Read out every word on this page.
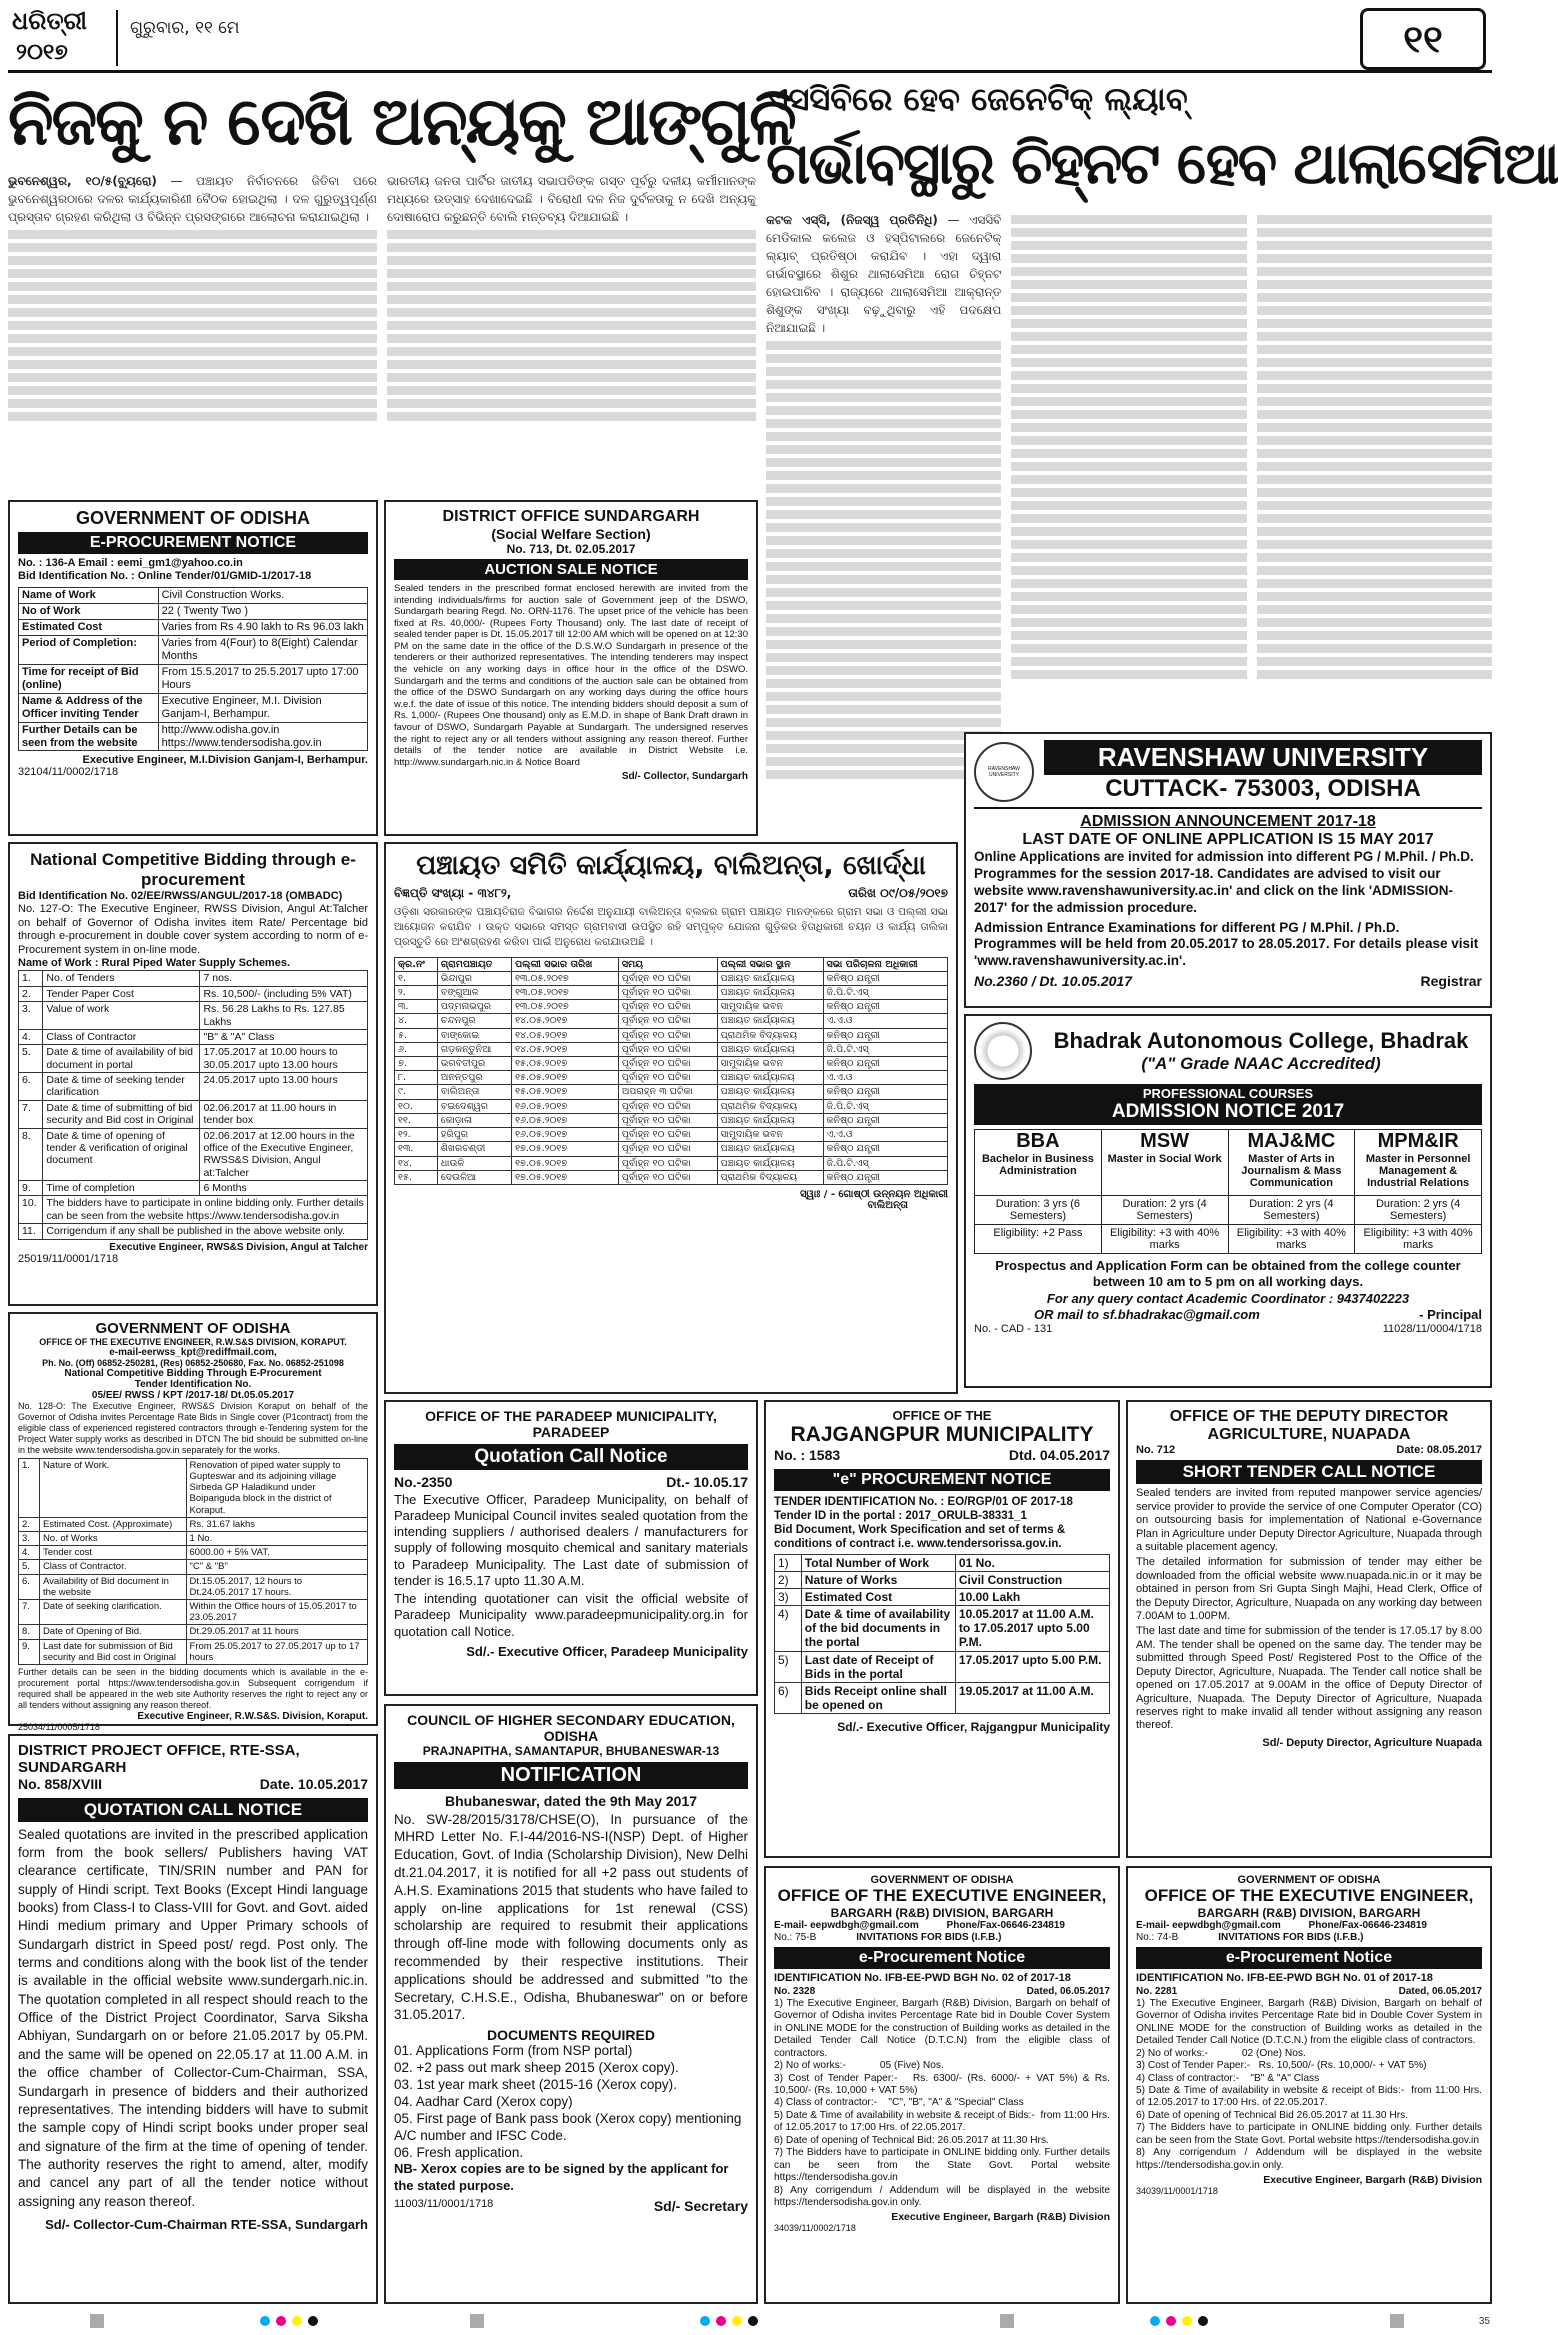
ଧରିତ୍ରୀ
୨୦୧୭
ଗୁରୁବାର, ୧୧ ମେ	୧୧
ନିଜକୁ ନ ଦେଖି ଅନ୍ୟକୁ ଆଙ୍ଗୁଳି
ଭୁବନେଶ୍ୱର, ୧୦/୫(ବ୍ୟୁରୋ) — ପଞ୍ଚାୟତ ନିର୍ବାଚନରେ ଜିତିବା ପରେ ଭୁବନେଶ୍ୱରଠାରେ ଦଳର କାର୍ଯ୍ୟକାରିଣୀ ବୈଠକ ହୋଇଥିଲା । ଦଳ ଗୁରୁତ୍ୱପୂର୍ଣ୍ଣ ପ୍ରସ୍ତାବ ଗ୍ରହଣ କରିଥିଲା ଓ ବିଭିନ୍ନ ପ୍ରସଙ୍ଗରେ ଆଲୋଚନା କରାଯାଇଥିଲା ।
ଭାରତୀୟ ଜନତା ପାର୍ଟିର ଜାତୀୟ ସଭାପତିଙ୍କ ଗସ୍ତ ପୂର୍ବରୁ ଦଳୀୟ କର୍ମୀମାନଙ୍କ ମଧ୍ୟରେ ଉତ୍ସାହ ଦେଖାଦେଇଛି । ବିରୋଧୀ ଦଳ ନିଜ ଦୁର୍ବଳତାକୁ ନ ଦେଖି ଅନ୍ୟକୁ ଦୋଷାରୋପ କରୁଛନ୍ତି ବୋଲି ମନ୍ତବ୍ୟ ଦିଆଯାଇଛି ।
ଏସସିବିରେ ହେବ ଜେନେଟିକ୍ ଲ୍ୟାବ୍
ଗର୍ଭାବସ୍ଥାରୁ ଚିହ୍ନଟ ହେବ ଥାଲାସେମିଆ
କଟକ ଏସ୍‌ସି, (ନିଜସ୍ୱ ପ୍ରତିନିଧି) — ଏସସିବି ମେଡିକାଲ କଲେଜ ଓ ହସ୍ପିଟାଲରେ ଜେନେଟିକ୍ ଲ୍ୟାବ୍ ପ୍ରତିଷ୍ଠା କରାଯିବ । ଏହା ଦ୍ୱାରା ଗର୍ଭାବସ୍ଥାରେ ଶିଶୁର ଥାଲାସେମିଆ ରୋଗ ଚିହ୍ନଟ ହୋଇପାରିବ । ରାଜ୍ୟରେ ଥାଲାସେମିଆ ଆକ୍ରାନ୍ତ ଶିଶୁଙ୍କ ସଂଖ୍ୟା ବଢ଼ୁଥିବାରୁ ଏହି ପଦକ୍ଷେପ ନିଆଯାଇଛି ।
GOVERNMENT OF ODISHA
E-PROCUREMENT NOTICE
No. : 136-A Email : eemi_gm1@yahoo.co.in
Bid Identification No. : Online Tender/01/GMID-1/2017-18
Name of Work	Civil Construction Works.
No of Work	22 ( Twenty Two )
Estimated Cost	Varies from Rs 4.90 lakh to Rs 96.03 lakh
Period of Completion:	Varies from 4(Four) to 8(Eight) Calendar Months
Time for receipt of Bid (online)	From 15.5.2017 to 25.5.2017 upto 17:00 Hours
Name & Address of the Officer inviting Tender	Executive Engineer, M.I. Division Ganjam-I, Berhampur.
Further Details can be seen from the website	http://www.odisha.gov.in
https://www.tendersodisha.gov.in
Executive Engineer, M.I.Division Ganjam-I, Berhampur.
32104/11/0002/1718
DISTRICT OFFICE SUNDARGARH
(Social Welfare Section)
No. 713, Dt. 02.05.2017
AUCTION SALE NOTICE
Sealed tenders in the prescribed format enclosed herewith are invited from the intending individuals/firms for auction sale of Government jeep of the DSWO, Sundargarh bearing Regd. No. ORN-1176. The upset price of the vehicle has been fixed at Rs. 40,000/- (Rupees Forty Thousand) only. The last date of receipt of sealed tender paper is Dt. 15.05.2017 till 12:00 AM which will be opened on at 12:30 PM on the same date in the office of the D.S.W.O Sundargarh in presence of the tenderers or their authorized representatives. The intending tenderers may inspect the vehicle on any working days in office hour in the office of the DSWO. Sundargarh and the terms and conditions of the auction sale can be obtained from the office of the DSWO Sundargarh on any working days during the office hours w.e.f. the date of issue of this notice. The intending bidders should deposit a sum of Rs. 1,000/- (Rupees One thousand) only as E.M.D. in shape of Bank Draft drawn in favour of DSWO, Sundargarh Payable at Sundargarh. The undersigned reserves the right to reject any or all tenders without assigning any reason thereof. Further details of the tender notice are available in District Website i.e. http://www.sundargarh.nic.in & Notice Board
Sd/- Collector, Sundargarh
National Competitive Bidding through e-procurement
Bid Identification No. 02/EE/RWSS/ANGUL/2017-18 (OMBADC)
No. 127-O: The Executive Engineer, RWSS Division, Angul At:Talcher on behalf of Governor of Odisha invites item Rate/ Percentage bid through e-procurement in double cover system according to norm of e-Procurement system in on-line mode.
Name of Work : Rural Piped Water Supply Schemes.
1.	No. of Tenders	7 nos.
2.	Tender Paper Cost	Rs. 10,500/- (including 5% VAT)
3.	Value of work	Rs. 56.28 Lakhs to Rs. 127.85 Lakhs
4.	Class of Contractor	"B" & "A" Class
5.	Date & time of availability of bid document in portal	17.05.2017 at 10.00 hours to 30.05.2017 upto 13.00 hours
6.	Date & time of seeking tender clarification	24.05.2017 upto 13.00 hours
7.	Date & time of submitting of bid security and Bid cost in Original	02.06.2017 at 11.00 hours in tender box
8.	Date & time of opening of tender & verification of original document	02.06.2017 at 12.00 hours in the office of the Executive Engineer, RWSS&S Division, Angul at:Talcher
9.	Time of completion	6 Months
10.	The bidders have to participate in online bidding only. Further details can be seen from the website https://www.tendersodisha.gov.in	
11.	Corrigendum if any shall be published in the above website only.	
Executive Engineer, RWS&S Division, Angul at Talcher
25019/11/0001/1718
ପଞ୍ଚାୟତ ସମିତି କାର୍ଯ୍ୟାଳୟ, ବାଲିଅନ୍ତା, ଖୋର୍ଦ୍ଧା
ବିଜ୍ଞପ୍ତି ସଂଖ୍ୟା - ୩୪୮୨,	ତାରିଖ ୦୯/୦୫/୨୦୧୭
ଓଡ଼ିଶା ସରକାରଙ୍କ ପଞ୍ଚାୟତିରାଜ ବିଭାଗର ନିର୍ଦ୍ଦେଶ ଅନୁଯାୟୀ ବାଲିଅନ୍ତା ବ୍ଲକର ଗ୍ରାମ ପଞ୍ଚାୟତ ମାନଙ୍କରେ ଗ୍ରାମ ସଭା ଓ ପଲ୍ଲୀ ସଭା ଆୟୋଜନ କରାଯିବ । ଉକ୍ତ ସଭାରେ ସମସ୍ତ ଗ୍ରାମବାସୀ ଉପସ୍ଥିତ ରହି ସମ୍ପୃକ୍ତ ଯୋଜନା ଗୁଡ଼ିକର ହିତାଧିକାରୀ ଚୟନ ଓ କାର୍ଯ୍ୟ ତାଲିକା ପ୍ରସ୍ତୁତି ରେ ଅଂଶଗ୍ରହଣ କରିବା ପାଇଁ ଅନୁରୋଧ କରାଯାଉଅଛି ।
କ୍ର.ନଂ	ଗ୍ରାମପଞ୍ଚାୟତ	ପଲ୍ଲୀ ସଭାର ତାରିଖ	ସମୟ	ପଲ୍ଲୀ ସଭାର ସ୍ଥାନ	ସଭା ପରିଚାଳନା ଅଧିକାରୀ
୧.	ଭିନ୍ଦାପୁର	୧୩.୦୫.୨୦୧୭	ପୂର୍ବାହ୍ନ ୧୦ ଘଟିକା	ପଞ୍ଚାୟତ କାର୍ଯ୍ୟାଳୟ	କନିଷ୍ଠ ଯନ୍ତ୍ରୀ
୨.	ବଙ୍ଗୁଆଳ	୧୩.୦୫.୨୦୧୭	ପୂର୍ବାହ୍ନ ୧୦ ଘଟିକା	ପଞ୍ଚାୟତ କାର୍ଯ୍ୟାଳୟ	ଜି.ପି.ଟି.ଏସ୍
୩.	ପଦ୍ମନାଭପୁର	୧୩.୦୫.୨୦୧୭	ପୂର୍ବାହ୍ନ ୧୦ ଘଟିକା	ସାମୁଦାୟିକ ଭବନ	କନିଷ୍ଠ ଯନ୍ତ୍ରୀ
୪.	ଚନ୍ଦନପୁର	୧୪.୦୫.୨୦୧୭	ପୂର୍ବାହ୍ନ ୧୦ ଘଟିକା	ପଞ୍ଚାୟତ କାର୍ଯ୍ୟାଳୟ	ଏ.ଏ.ଓ
୫.	ବାଙ୍କୋଇ	୧୪.୦୫.୨୦୧୭	ପୂର୍ବାହ୍ନ ୧୦ ଘଟିକା	ପ୍ରାଥମିକ ବିଦ୍ୟାଳୟ	କନିଷ୍ଠ ଯନ୍ତ୍ରୀ
୬.	ଗଡ଼କନ୍ତୁନିଆ	୧୪.୦୫.୨୦୧୭	ପୂର୍ବାହ୍ନ ୧୦ ଘଟିକା	ପଞ୍ଚାୟତ କାର୍ଯ୍ୟାଳୟ	ଜି.ପି.ଟି.ଏସ୍
୭.	ଭଗବତୀପୁର	୧୫.୦୫.୨୦୧୭	ପୂର୍ବାହ୍ନ ୧୦ ଘଟିକା	ସାମୁଦାୟିକ ଭବନ	କନିଷ୍ଠ ଯନ୍ତ୍ରୀ
୮.	ଅନନ୍ତପୁର	୧୫.୦୫.୨୦୧୭	ପୂର୍ବାହ୍ନ ୧୦ ଘଟିକା	ପଞ୍ଚାୟତ କାର୍ଯ୍ୟାଳୟ	ଏ.ଏ.ଓ
୯.	ବାଲିଅନ୍ତା	୧୫.୦୫.୨୦୧୭	ଅପରାହ୍ନ ୩ ଘଟିକା	ପଞ୍ଚାୟତ କାର୍ଯ୍ୟାଳୟ	କନିଷ୍ଠ ଯନ୍ତ୍ରୀ
୧୦.	ବଇଦେଶ୍ୱର	୧୬.୦୫.୨୦୧୭	ପୂର୍ବାହ୍ନ ୧୦ ଘଟିକା	ପ୍ରାଥମିକ ବିଦ୍ୟାଳୟ	ଜି.ପି.ଟି.ଏସ୍
୧୧.	କୋଡ଼ାଳା	୧୬.୦୫.୨୦୧୭	ପୂର୍ବାହ୍ନ ୧୦ ଘଟିକା	ପଞ୍ଚାୟତ କାର୍ଯ୍ୟାଳୟ	କନିଷ୍ଠ ଯନ୍ତ୍ରୀ
୧୨.	ହରିପୁର	୧୬.୦୫.୨୦୧୭	ପୂର୍ବାହ୍ନ ୧୦ ଘଟିକା	ସାମୁଦାୟିକ ଭବନ	ଏ.ଏ.ଓ
୧୩.	ଶିଖରଚଣ୍ଡୀ	୧୭.୦୫.୨୦୧୭	ପୂର୍ବାହ୍ନ ୧୦ ଘଟିକା	ପଞ୍ଚାୟତ କାର୍ଯ୍ୟାଳୟ	କନିଷ୍ଠ ଯନ୍ତ୍ରୀ
୧୪.	ଧାଉଳି	୧୭.୦୫.୨୦୧୭	ପୂର୍ବାହ୍ନ ୧୦ ଘଟିକା	ପଞ୍ଚାୟତ କାର୍ଯ୍ୟାଳୟ	ଜି.ପି.ଟି.ଏସ୍
୧୫.	ଦେଉଳିଆ	୧୭.୦୫.୨୦୧୭	ପୂର୍ବାହ୍ନ ୧୦ ଘଟିକା	ପ୍ରାଥମିକ ବିଦ୍ୟାଳୟ	କନିଷ୍ଠ ଯନ୍ତ୍ରୀ
ସ୍ୱାଃ / - ଗୋଷ୍ଠୀ ଉନ୍ନୟନ ଅଧିକାରୀ
ବାଲିଅନ୍ତା
RAVENSHAW UNIVERSITY
RAVENSHAW UNIVERSITY
CUTTACK- 753003, ODISHA
ADMISSION ANNOUNCEMENT 2017-18
LAST DATE OF ONLINE APPLICATION IS 15 MAY 2017
Online Applications are invited for admission into different PG / M.Phil. / Ph.D. Programmes for the session 2017-18. Candidates are advised to visit our website www.ravenshawuniversity.ac.in' and click on the link 'ADMISSION-2017' for the admission procedure.
Admission Entrance Examinations for different PG / M.Phil. / Ph.D. Programmes will be held from 20.05.2017 to 28.05.2017. For details please visit 'www.ravenshawuniversity.ac.in'.
No.2360 / Dt. 10.05.2017	Registrar
Bhadrak Autonomous College, Bhadrak
("A" Grade NAAC Accredited)
PROFESSIONAL COURSES
ADMISSION NOTICE 2017
BBA
Bachelor in Business Administration
Duration: 3 yrs (6 Semesters)
Eligibility: +2 Pass
MSW
Master in Social Work
Duration: 2 yrs (4 Semesters)
Eligibility: +3 with 40% marks
MAJ&MC
Master of Arts in Journalism & Mass Communication
Duration: 2 yrs (4 Semesters)
Eligibility: +3 with 40% marks
MPM&IR
Master in Personnel Management & Industrial Relations
Duration: 2 yrs (4 Semesters)
Eligibility: +3 with 40% marks
Prospectus and Application Form can be obtained from the college counter between 10 am to 5 pm on all working days.
For any query contact Academic Coordinator : 9437402223
OR mail to sf.bhadrakac@gmail.com	- Principal
No. - CAD - 131	11028/11/0004/1718
GOVERNMENT OF ODISHA
OFFICE OF THE EXECUTIVE ENGINEER, R.W.S&S DIVISION, KORAPUT.
e-mail-eerwss_kpt@rediffmail.com,
Ph. No. (Off) 06852-250281, (Res) 06852-250680, Fax. No. 06852-251098
National Competitive Bidding Through E-Procurement
Tender Identification No.
05/EE/ RWSS / KPT /2017-18/ Dt.05.05.2017
No. 128-O: The Executive Engineer, RWS&S Division Koraput on behalf of the Governor of Odisha invites Percentage Rate Bids in Single cover (P1contract) from the eligible class of experienced registered contractors through e-Tendering system for the Project Water supply works as described in DTCN The bid should be submitted on-line in the website www.tendersodisha.gov.in separately for the works.
1.	Nature of Work.	Renovation of piped water supply to Gupteswar and its adjoining village Sirbeda GP Haladikund under Boipariguda block in the district of Koraput.
2.	Estimated Cost. (Approximate)	Rs. 31.67 lakhs
3.	No. of Works	1 No.
4.	Tender cost	6000.00 + 5% VAT.
5.	Class of Contractor.	"C" & "B"
6.	Availability of Bid document in the website	Dt.15.05.2017, 12 hours to Dt.24.05.2017 17 hours.
7.	Date of seeking clarification.	Within the Office hours of 15.05.2017 to 23.05.2017
8.	Date of Opening of Bid.	Dt.29.05.2017 at 11 hours
9.	Last date for submission of Bid security and Bid cost in Original	From 25.05.2017 to 27.05.2017 up to 17 hours
Further details can be seen in the bidding documents which is available in the e-procurement portal https://www.tendersodisha.gov.in Subsequent corrigendum if required shall be appeared in the web site Authority reserves the right to reject any or all tenders without assigning any reason thereof.
Executive Engineer, R.W.S&S. Division, Koraput.
25034/11/0005/1718
DISTRICT PROJECT OFFICE, RTE-SSA, SUNDARGARH
No. 858/XVIII	Date. 10.05.2017
QUOTATION CALL NOTICE
Sealed quotations are invited in the prescribed application form from the book sellers/ Publishers having VAT clearance certificate, TIN/SRIN number and PAN for supply of Hindi script. Text Books (Except Hindi language books) from Class-I to Class-VIII for Govt. and Govt. aided Hindi medium primary and Upper Primary schools of Sundargarh district in Speed post/ regd. Post only. The terms and conditions along with the book list of the tender is available in the official website www.sundergarh.nic.in. The quotation completed in all respect should reach to the Office of the District Project Coordinator, Sarva Siksha Abhiyan, Sundargarh on or before 21.05.2017 by 05.PM. and the same will be opened on 22.05.17 at 11.00 A.M. in the office chamber of Collector-Cum-Chairman, SSA, Sundargarh in presence of bidders and their authorized representatives. The intending bidders will have to submit the sample copy of Hindi script books under proper seal and signature of the firm at the time of opening of tender. The authority reserves the right to amend, alter, modify and cancel any part of all the tender notice without assigning any reason thereof.
Sd/- Collector-Cum-Chairman RTE-SSA, Sundargarh
OFFICE OF THE PARADEEP MUNICIPALITY, PARADEEP
Quotation Call Notice
No.-2350	Dt.- 10.05.17
The Executive Officer, Paradeep Municipality, on behalf of Paradeep Municipal Council invites sealed quotation from the intending suppliers / authorised dealers / manufacturers for supply of following mosquito chemical and sanitary materials to Paradeep Municipality. The Last date of submission of tender is 16.5.17 upto 11.30 A.M.
The intending quotationer can visit the official website of Paradeep Municipality www.paradeepmunicipality.org.in for quotation call Notice.
Sd/.- Executive Officer, Paradeep Municipality
COUNCIL OF HIGHER SECONDARY EDUCATION, ODISHA
PRAJNAPITHA, SAMANTAPUR, BHUBANESWAR-13
NOTIFICATION
Bhubaneswar, dated the 9th May 2017
No. SW-28/2015/3178/CHSE(O), In pursuance of the MHRD Letter No. F.I-44/2016-NS-I(NSP) Dept. of Higher Education, Govt. of India (Scholarship Division), New Delhi dt.21.04.2017, it is notified for all +2 pass out students of A.H.S. Examinations 2015 that students who have failed to apply on-line applications for 1st renewal (CSS) scholarship are required to resubmit their applications through off-line mode with following documents only as recommended by their respective institutions. Their applications should be addressed and submitted "to the Secretary, C.H.S.E., Odisha, Bhubaneswar" on or before 31.05.2017.
DOCUMENTS REQUIRED
01. Applications Form (from NSP portal)
02. +2 pass out mark sheep 2015 (Xerox copy).
03. 1st year mark sheet (2015-16 (Xerox copy).
04. Aadhar Card (Xerox copy)
05. First page of Bank pass book (Xerox copy) mentioning A/C number and IFSC Code.
06. Fresh application.
NB- Xerox copies are to be signed by the applicant for the stated purpose.
11003/11/0001/1718	Sd/- Secretary
OFFICE OF THE
RAJGANGPUR MUNICIPALITY
No. : 1583	Dtd. 04.05.2017
"e" PROCUREMENT NOTICE
TENDER IDENTIFICATION No. : EO/RGP/01 OF 2017-18
Tender ID in the portal : 2017_ORULB-38331_1
Bid Document, Work Specification and set of terms & conditions of contract i.e. www.tendersorissa.gov.in.
1)	Total Number of Work	01 No.
2)	Nature of Works	Civil Construction
3)	Estimated Cost	10.00 Lakh
4)	Date & time of availability of the bid documents in the portal	10.05.2017 at 11.00 A.M. to 17.05.2017 upto 5.00 P.M.
5)	Last date of Receipt of Bids in the portal	17.05.2017 upto 5.00 P.M.
6)	Bids Receipt online shall be opened on	19.05.2017 at 11.00 A.M.
Sd/.- Executive Officer, Rajgangpur Municipality
OFFICE OF THE DEPUTY DIRECTOR AGRICULTURE, NUAPADA
No. 712	Date: 08.05.2017
SHORT TENDER CALL NOTICE
Sealed tenders are invited from reputed manpower service agencies/ service provider to provide the service of one Computer Operator (CO) on outsourcing basis for implementation of National e-Governance Plan in Agriculture under Deputy Director Agriculture, Nuapada through a suitable placement agency.
The detailed information for submission of tender may either be downloaded from the official website www.nuapada.nic.in or it may be obtained in person from Sri Gupta Singh Majhi, Head Clerk, Office of the Deputy Director, Agriculture, Nuapada on any working day between 7.00AM to 1.00PM.
The last date and time for submission of the tender is 17.05.17 by 8.00 AM. The tender shall be opened on the same day. The tender may be submitted through Speed Post/ Registered Post to the Office of the Deputy Director, Agriculture, Nuapada. The Tender call notice shall be opened on 17.05.2017 at 9.00AM in the office of Deputy Director of Agriculture, Nuapada. The Deputy Director of Agriculture, Nuapada reserves right to make invalid all tender without assigning any reason thereof.
Sd/- Deputy Director, Agriculture Nuapada
GOVERNMENT OF ODISHA
OFFICE OF THE EXECUTIVE ENGINEER,
BARGARH (R&B) DIVISION, BARGARH
E-mail- eepwdbgh@gmail.com          Phone/Fax-06646-234819
No.: 75-B	INVITATIONS FOR BIDS (I.F.B.)
e-Procurement Notice
IDENTIFICATION No. IFB-EE-PWD BGH No. 02 of 2017-18
No. 2328	Dated, 06.05.2017
1) The Executive Engineer, Bargarh (R&B) Division, Bargarh on behalf of Governor of Odisha invites Percentage Rate bid in Double Cover System in ONLINE MODE for the construction of Building works as detailed in the Detailed Tender Call Notice (D.T.C.N) from the eligible class of contractors.
2) No of works:-            05 (Five) Nos.
3) Cost of Tender Paper:-   Rs. 6300/- (Rs. 6000/- + VAT 5%) & Rs. 10,500/- (Rs. 10,000 + VAT 5%)
4) Class of contractor:-    "C", "B", "A" & "Special" Class
5) Date & Time of availability in website & receipt of Bids:-  from 11:00 Hrs. of 12.05.2017 to 17:00 Hrs. of 22.05.2017.
6) Date of opening of Technical Bid: 26.05.2017 at 11.30 Hrs.
7) The Bidders have to participate in ONLINE bidding only. Further details can be seen from the State Govt. Portal website https://tendersodisha.gov.in
8) Any corrigendum / Addendum will be displayed in the website https://tendersodisha.gov.in only.
Executive Engineer, Bargarh (R&B) Division
34039/11/0002/1718
GOVERNMENT OF ODISHA
OFFICE OF THE EXECUTIVE ENGINEER,
BARGARH (R&B) DIVISION, BARGARH
E-mail- eepwdbgh@gmail.com          Phone/Fax-06646-234819
No.: 74-B	INVITATIONS FOR BIDS (I.F.B.)
e-Procurement Notice
IDENTIFICATION No. IFB-EE-PWD BGH No. 01 of 2017-18
No. 2281	Dated, 06.05.2017
1) The Executive Engineer, Bargarh (R&B) Division, Bargarh on behalf of Governor of Odisha invites Percentage Rate bid in Double Cover System in ONLINE MODE for the construction of Building works as detailed in the Detailed Tender Call Notice (D.T.C.N.) from the eligible class of contractors.
2) No of works:-            02 (One) Nos.
3) Cost of Tender Paper:-   Rs. 10,500/- (Rs. 10,000/- + VAT 5%)
4) Class of contractor:-    "B" & "A" Class
5) Date & Time of availability in website & receipt of Bids:-  from 11:00 Hrs. of 12.05.2017 to 17:00 Hrs. of 22.05.2017.
6) Date of opening of Technical Bid 26.05.2017 at 11.30 Hrs.
7) The Bidders have to participate in ONLINE bidding only. Further details can be seen from the State Govt. Portal website https://tendersodisha.gov.in
8) Any corrigendum / Addendum will be displayed in the website https://tendersodisha.gov.in only.
Executive Engineer, Bargarh (R&B) Division
34039/11/0001/1718
35
